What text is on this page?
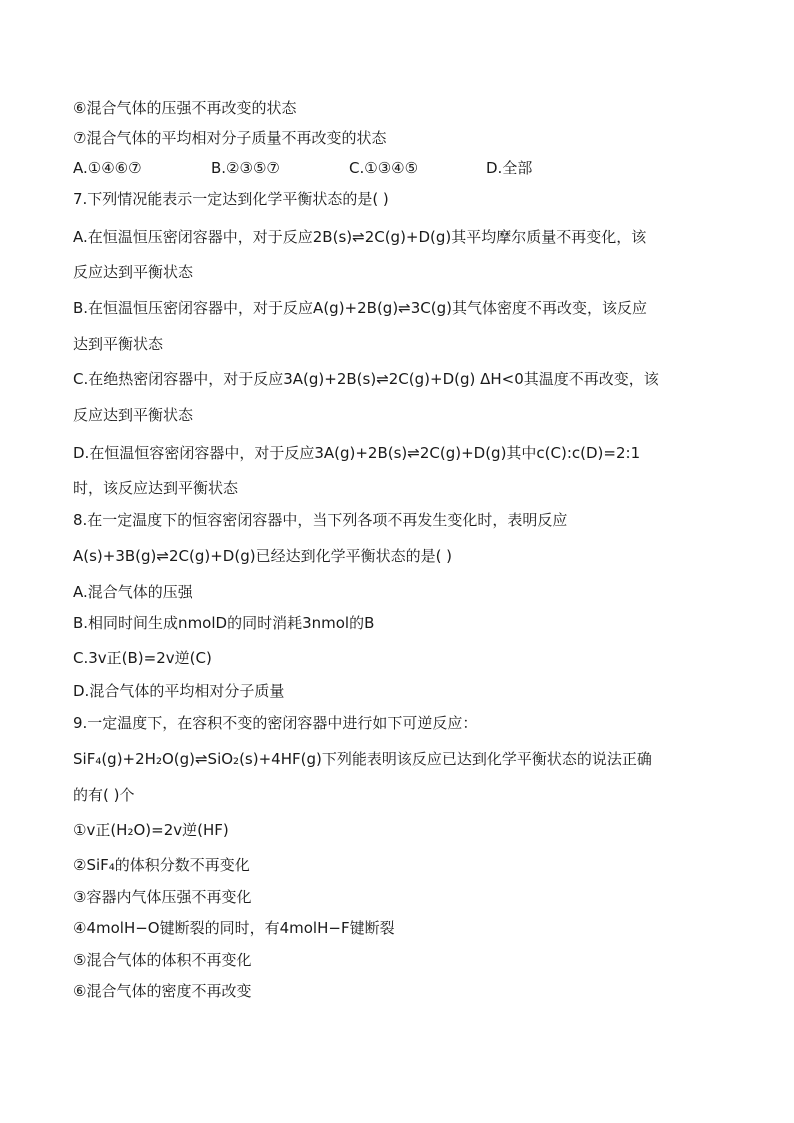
⑥混合气体的压强不再改变的状态
⑦混合气体的平均相对分子质量不再改变的状态
A.①④⑥⑦	B.②③⑤⑦	C.①③④⑤	D.全部
7.下列情况能表示一定达到化学平衡状态的是( )
A.在恒温恒压密闭容器中，对于反应2B(s)⇌2C(g)+D(g)其平均摩尔质量不再变化，该
反应达到平衡状态
B.在恒温恒压密闭容器中，对于反应A(g)+2B(g)⇌3C(g)其气体密度不再改变，该反应
达到平衡状态
C.在绝热密闭容器中，对于反应3A(g)+2B(s)⇌2C(g)+D(g) ΔH<0其温度不再改变，该
反应达到平衡状态
D.在恒温恒容密闭容器中，对于反应3A(g)+2B(s)⇌2C(g)+D(g)其中c(C):c(D)=2:1
时，该反应达到平衡状态
8.在一定温度下的恒容密闭容器中，当下列各项不再发生变化时，表明反应
A(s)+3B(g)⇌2C(g)+D(g)已经达到化学平衡状态的是( )
A.混合气体的压强
B.相同时间生成nmolD的同时消耗3nmol的B
C.3v正(B)=2v逆(C)
D.混合气体的平均相对分子质量
9.一定温度下，在容积不变的密闭容器中进行如下可逆反应：
SiF₄(g)+2H₂O(g)⇌SiO₂(s)+4HF(g)下列能表明该反应已达到化学平衡状态的说法正确
的有( )个
①v正(H₂O)=2v逆(HF)
②SiF₄的体积分数不再变化
③容器内气体压强不再变化
④4molH−O键断裂的同时，有4molH−F键断裂
⑤混合气体的体积不再变化
⑥混合气体的密度不再改变
